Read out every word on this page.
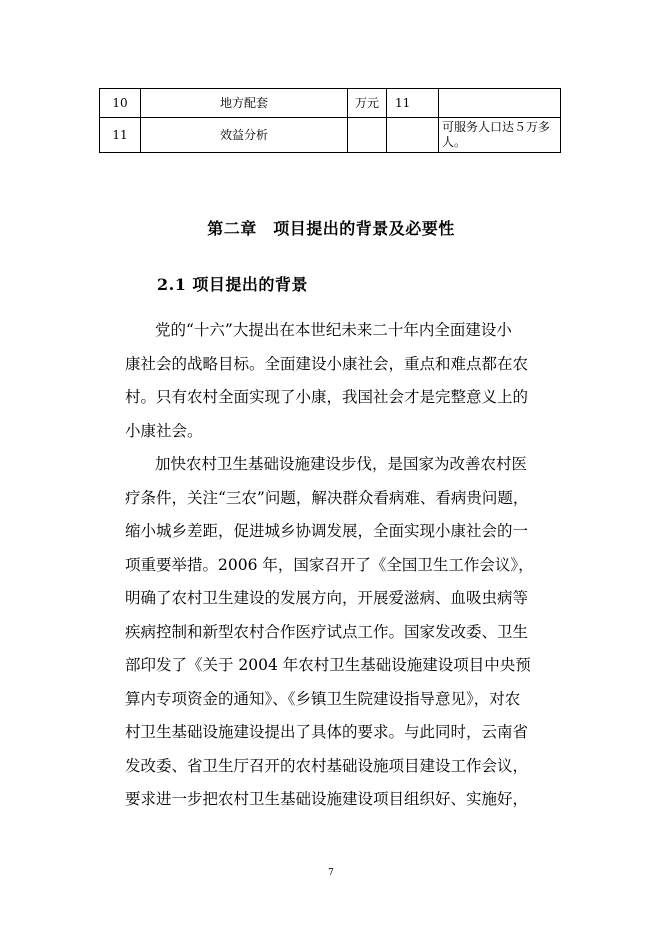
10	地方配套	万元	11	
11	效益分析			可服务人口达５万多人。
第二章　项目提出的背景及必要性
2.1 项目提出的背景
党的“十六”大提出在本世纪未来二十年内全面建设小
康社会的战略目标。全面建设小康社会，重点和难点都在农
村。只有农村全面实现了小康，我国社会才是完整意义上的
小康社会。
加快农村卫生基础设施建设步伐，是国家为改善农村医
疗条件，关注“三农”问题，解决群众看病难、看病贵问题，
缩小城乡差距，促进城乡协调发展，全面实现小康社会的一
项重要举措。2006 年，国家召开了《全国卫生工作会议》，
明确了农村卫生建设的发展方向，开展爱滋病、血吸虫病等
疾病控制和新型农村合作医疗试点工作。国家发改委、卫生
部印发了《关于 2004 年农村卫生基础设施建设项目中央预
算内专项资金的通知》、《乡镇卫生院建设指导意见》，对农
村卫生基础设施建设提出了具体的要求。与此同时，云南省
发改委、省卫生厅召开的农村基础设施项目建设工作会议，
要求进一步把农村卫生基础设施建设项目组织好、实施好，
7
